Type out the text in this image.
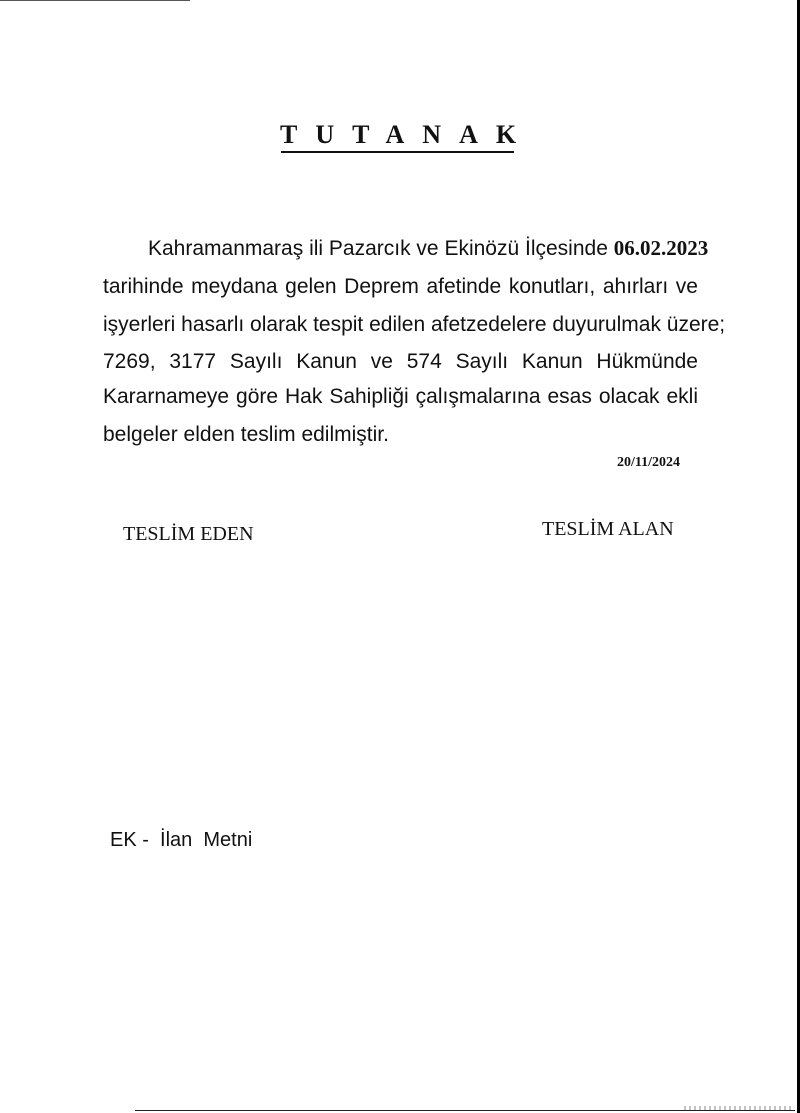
TUTANAK
Kahramanmaraş ili Pazarcık ve Ekinözü İlçesinde 06.02.2023
tarihinde meydana gelen Deprem afetinde konutları, ahırları ve
işyerleri hasarlı olarak tespit edilen afetzedelere duyurulmak üzere;
7269, 3177 Sayılı Kanun ve 574 Sayılı Kanun Hükmünde
Kararnameye göre Hak Sahipliği çalışmalarına esas olacak ekli
belgeler elden teslim edilmiştir.
20/11/2024
TESLİM EDEN	TESLİM ALAN
EK -  İlan  Metni
